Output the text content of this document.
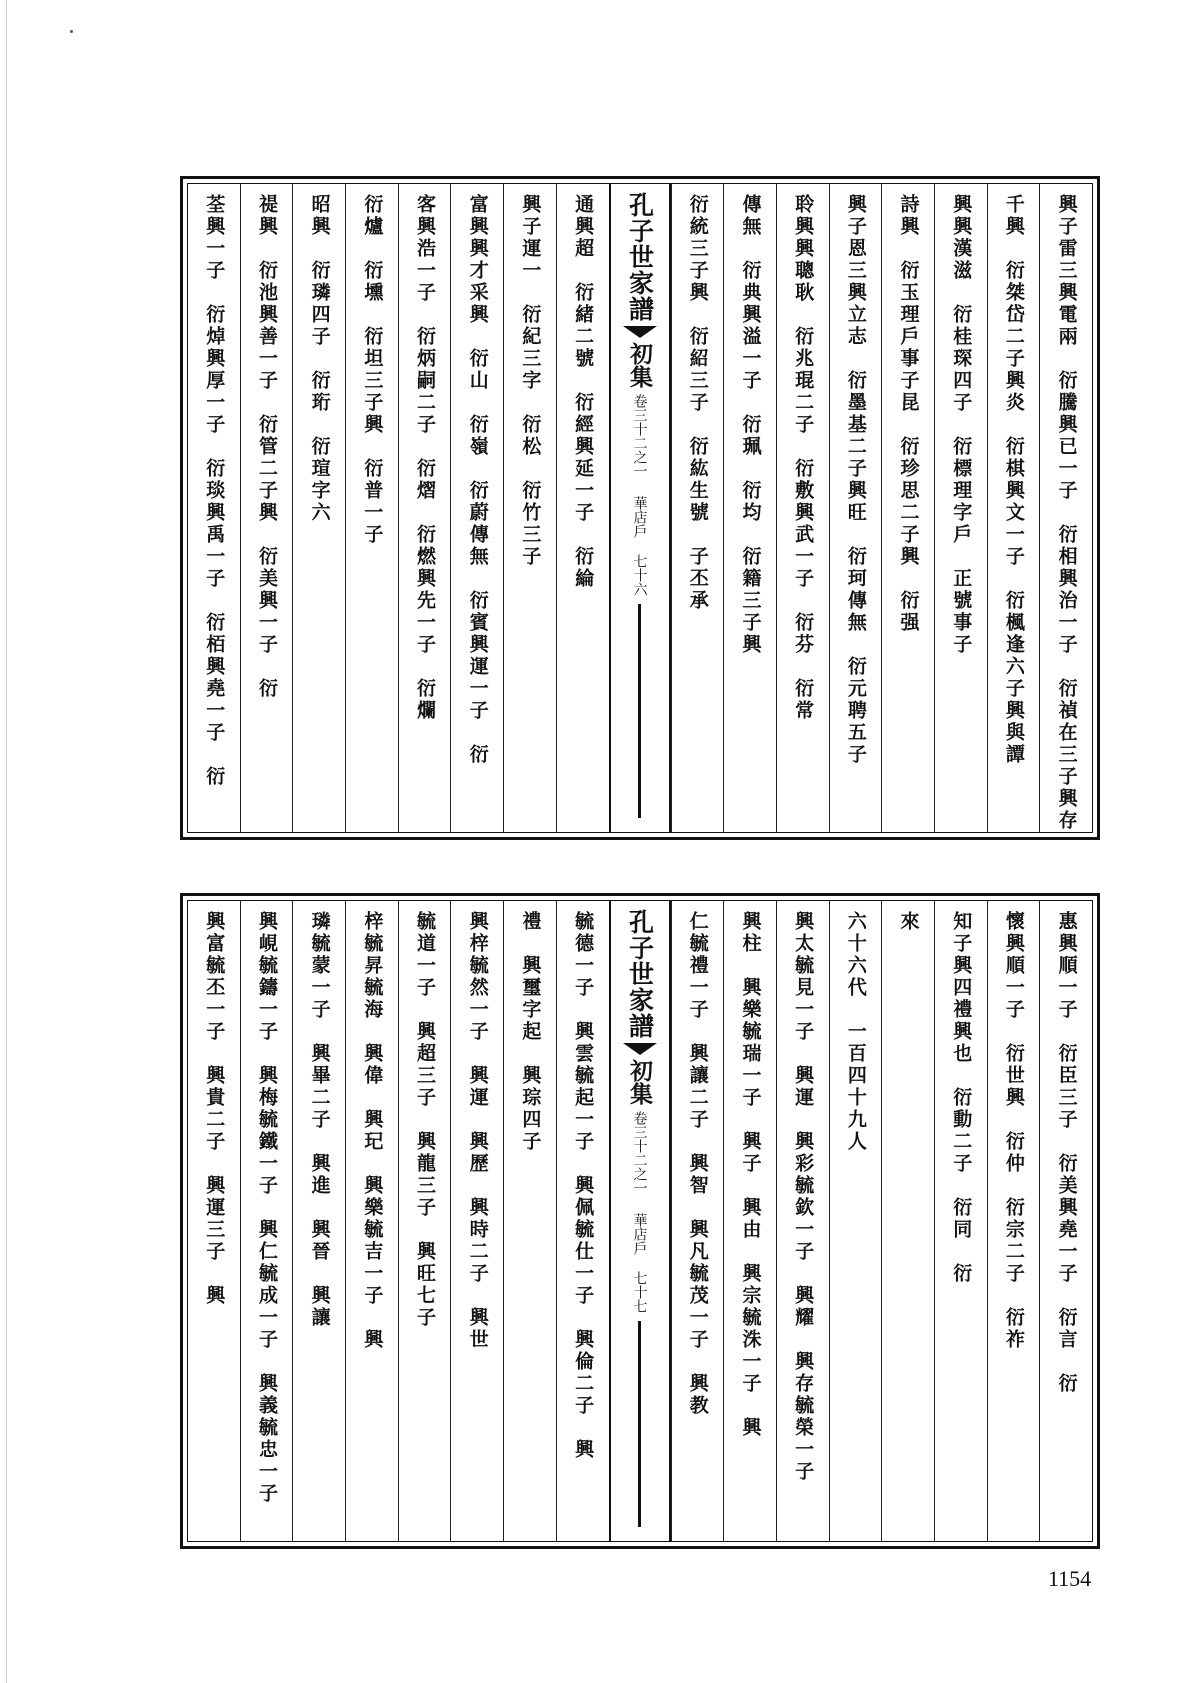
興子雷三興電兩　衍騰興已一子　衍相興治一子　衍禎在三子興存
千興　衍桀岱二子興炎　衍棋興文一子　衍楓逢六子興與譚
興興漢滋　衍桂琛四子　衍標理字戶　正號事子
詩興　衍玉理戶事子昆　衍珍思二子興　衍强
興子恩三興立志　衍墨基二子興旺　衍珂傳無　衍元聘五子
聆興興聰耿　衍兆琨二子　衍敷興武一子　衍芬　衍常
傳無　衍典興溢一子　衍珮　衍均　衍籍三子興
衍統三子興　衍紹三子　衍紘生號　子丕承
孔子世家譜
初集
卷三十二之一
華店戶
七十六
通興超　衍緒二號　衍經興延一子　衍綸
興子運一　衍紀三字　衍松　衍竹三子
富興興才采興　衍山　衍嶺　衍蔚傳無　衍賓興運一子　衍
客興浩一子　衍炳嗣二子　衍熠　衍燃興先一子　衍爛
衍爐　衍壎　衍坦三子興　衍普一子
昭興　衍璘四子　衍珩　衍瑄字六
禔興　衍池興善一子　衍管二子興　衍美興一子　衍
荃興一子　衍焯興厚一子　衍琰興禹一子　衍栢興堯一子　衍
惠興順一子　衍臣三子　衍美興堯一子　衍言　衍
懷興順一子　衍世興　衍仲　衍宗二子　衍祚
知子興四禮興也　衍動二子　衍同　衍
來
六十六代　一百四十九人
興太毓見一子　興運　興彩毓欽一子　興耀　興存毓榮一子
興柱　興樂毓瑞一子　興子　興由　興宗毓洙一子　興
仁毓禮一子　興讓二子　興智　興凡毓茂一子　興教
孔子世家譜
初集
卷三十二之一
華店戶
七十七
毓德一子　興雲毓起一子　興佩毓仕一子　興倫二子　興
禮　興璽字起　興琮四子
興梓毓然一子　興運　興歷　興時二子　興世
毓道一子　興超三子　興龍三子　興旺七子
梓毓昇毓海　興偉　興玘　興樂毓吉一子　興
璘毓蒙一子　興畢二子　興進　興晉　興讓
興峴毓鑄一子　興梅毓鐵一子　興仁毓成一子　興義毓忠一子
興富毓丕一子　興貴二子　興運三子　興
1154
